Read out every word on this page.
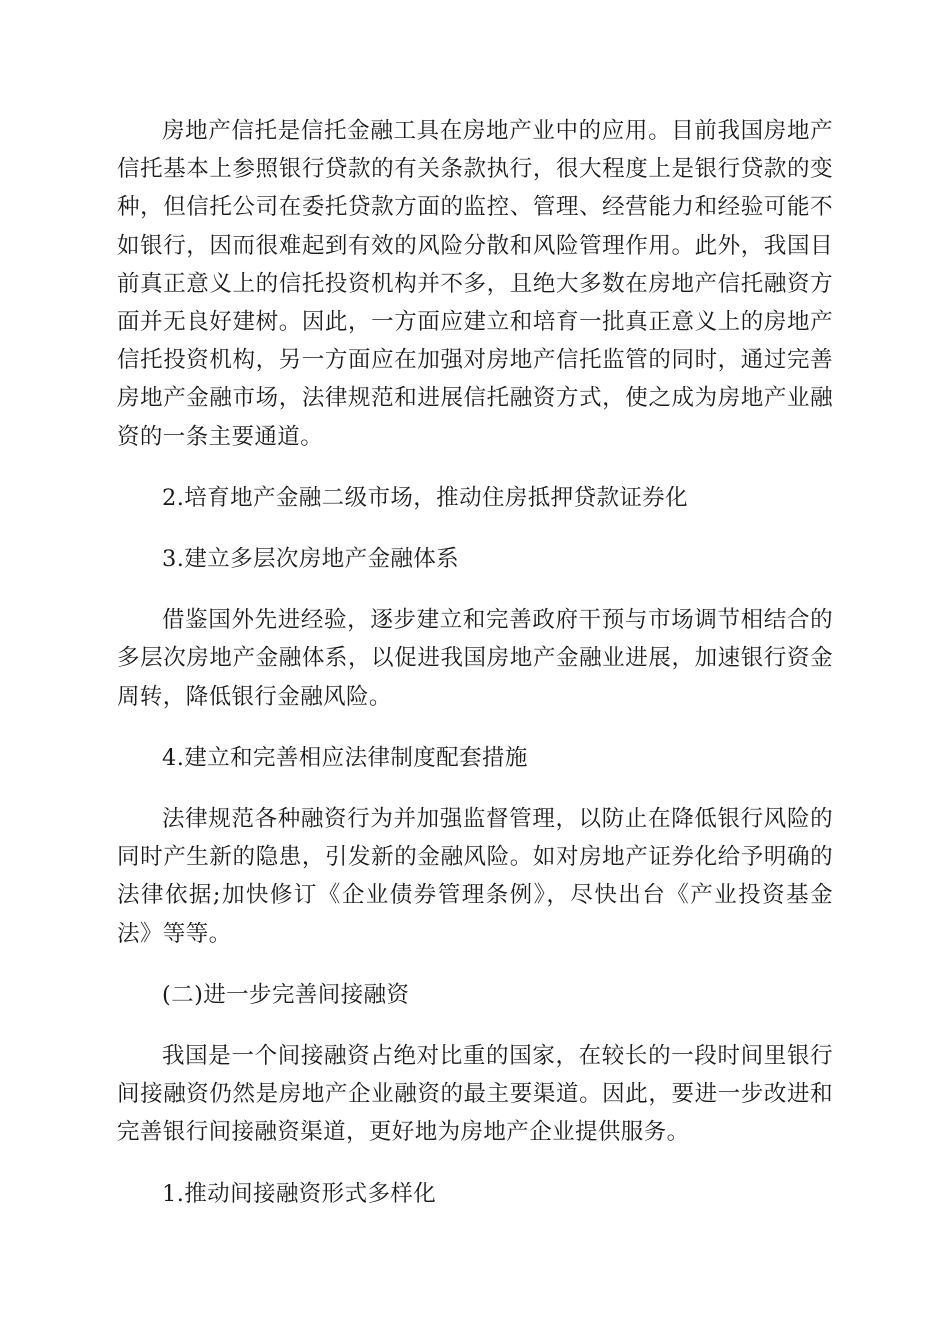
房地产信托是信托金融工具在房地产业中的应用。目前我国房地产信托基本上参照银行贷款的有关条款执行，很大程度上是银行贷款的变种，但信托公司在委托贷款方面的监控、管理、经营能力和经验可能不如银行，因而很难起到有效的风险分散和风险管理作用。此外，我国目前真正意义上的信托投资机构并不多，且绝大多数在房地产信托融资方面并无良好建树。因此，一方面应建立和培育一批真正意义上的房地产信托投资机构，另一方面应在加强对房地产信托监管的同时，通过完善房地产金融市场，法律规范和进展信托融资方式，使之成为房地产业融资的一条主要通道。

2.培育地产金融二级市场，推动住房抵押贷款证券化

3.建立多层次房地产金融体系

借鉴国外先进经验，逐步建立和完善政府干预与市场调节相结合的多层次房地产金融体系，以促进我国房地产金融业进展，加速银行资金周转，降低银行金融风险。

4.建立和完善相应法律制度配套措施

法律规范各种融资行为并加强监督管理，以防止在降低银行风险的同时产生新的隐患，引发新的金融风险。如对房地产证券化给予明确的法律依据;加快修订《企业债券管理条例》，尽快出台《产业投资基金法》等等。

(二)进一步完善间接融资

我国是一个间接融资占绝对比重的国家，在较长的一段时间里银行间接融资仍然是房地产企业融资的最主要渠道。因此，要进一步改进和完善银行间接融资渠道，更好地为房地产企业提供服务。

1.推动间接融资形式多样化
